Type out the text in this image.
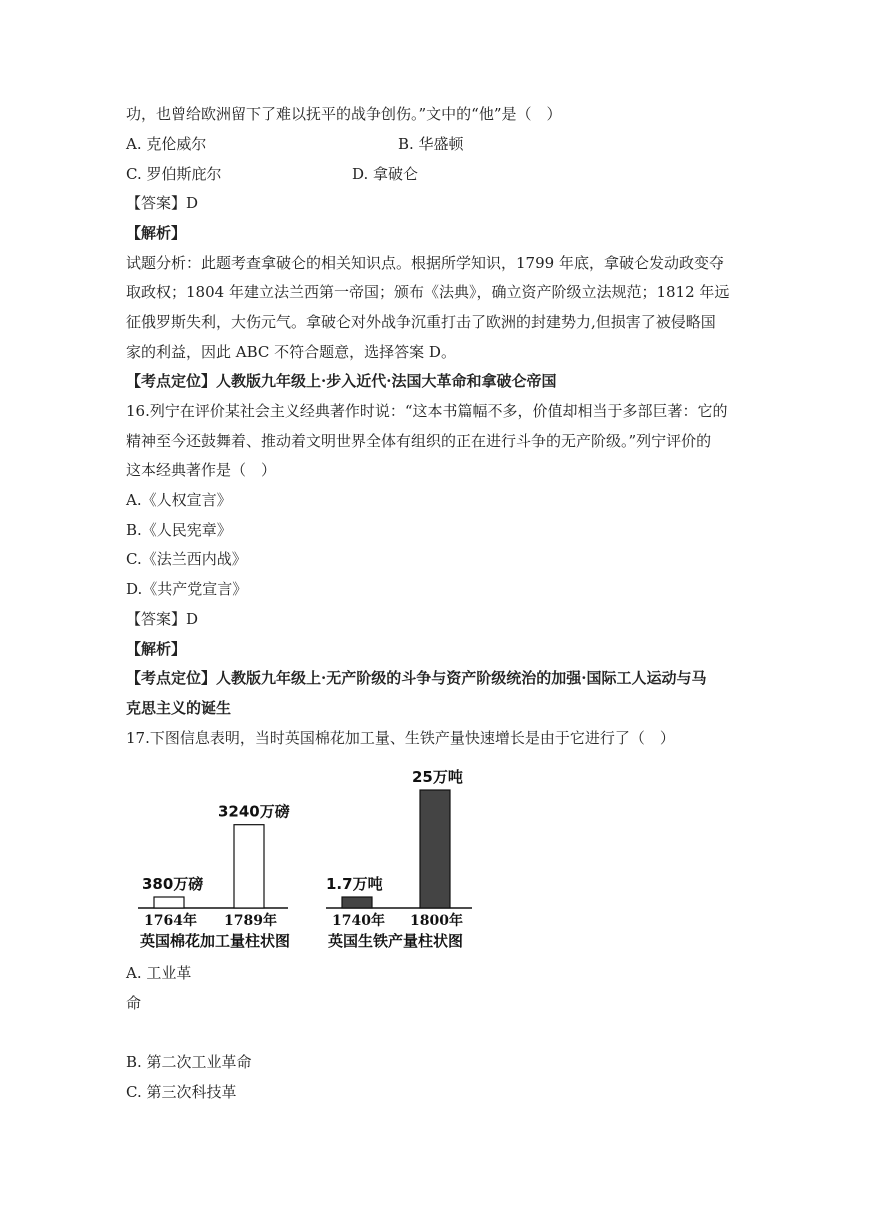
功，也曾给欧洲留下了难以抚平的战争创伤。”文中的“他”是（　）
A. 克伦威尔	B. 华盛顿
C. 罗伯斯庇尔	D. 拿破仑
【答案】D
【解析】
试题分析：此题考查拿破仑的相关知识点。根据所学知识，1799 年底，拿破仑发动政变夺
取政权；1804 年建立法兰西第一帝国；颁布《法典》，确立资产阶级立法规范；1812 年远
征俄罗斯失利，大伤元气。拿破仑对外战争沉重打击了欧洲的封建势力,但损害了被侵略国
家的利益，因此 ABC 不符合题意，选择答案 D。
【考点定位】人教版九年级上·步入近代·法国大革命和拿破仑帝国
16.列宁在评价某社会主义经典著作时说：“这本书篇幅不多，价值却相当于多部巨著：它的
精神至今还鼓舞着、推动着文明世界全体有组织的正在进行斗争的无产阶级。”列宁评价的
这本经典著作是（　）
A.《人权宣言》
B.《人民宪章》
C.《法兰西内战》
D.《共产党宣言》
【答案】D
【解析】
【考点定位】人教版九年级上·无产阶级的斗争与资产阶级统治的加强·国际工人运动与马
克思主义的诞生
17.下图信息表明，当时英国棉花加工量、生铁产量快速增长是由于它进行了（　）
380万磅
1764年
3240万磅
1789年
英国棉花加工量柱状图
1.7万吨
1740年
25万吨
1800年
英国生铁产量柱状图
A. 工业革
命
B. 第二次工业革命
C. 第三次科技革
